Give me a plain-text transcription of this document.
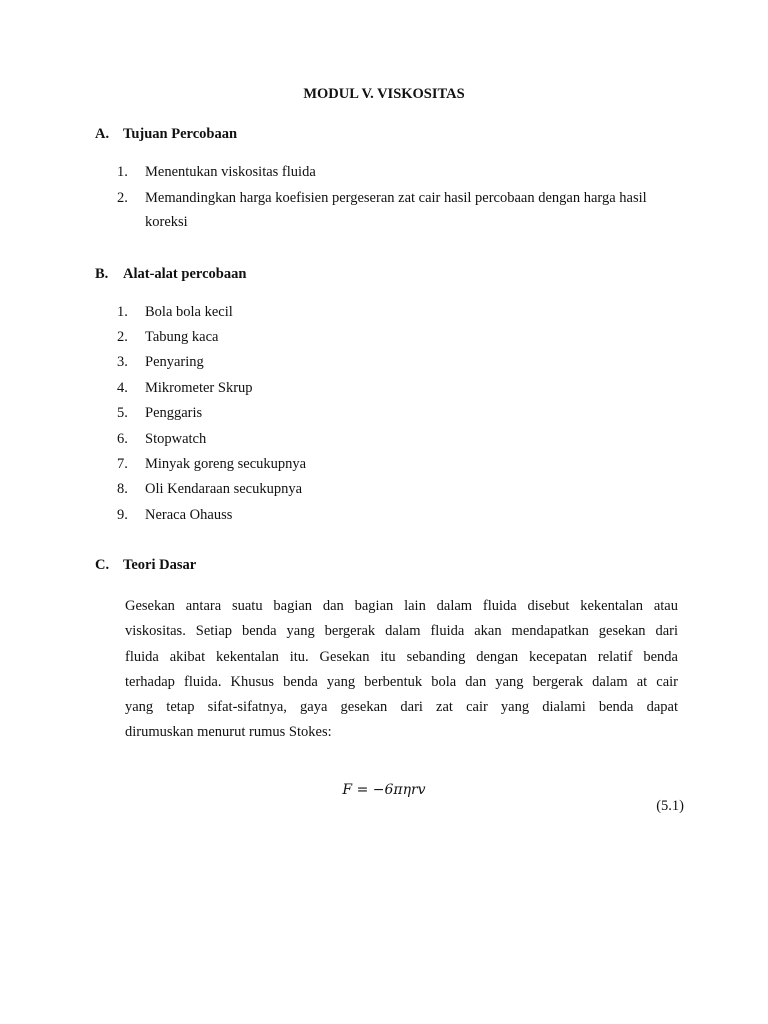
MODUL V. VISKOSITAS
A. Tujuan Percobaan
1. Menentukan viskositas fluida
2. Memandingkan harga koefisien pergeseran zat cair hasil percobaan dengan harga hasil
koreksi
B. Alat-alat percobaan
1. Bola bola kecil
2. Tabung kaca
3. Penyaring
4. Mikrometer Skrup
5. Penggaris
6. Stopwatch
7. Minyak goreng secukupnya
8. Oli Kendaraan secukupnya
9. Neraca Ohauss
C. Teori Dasar
Gesekan antara suatu bagian dan bagian lain dalam fluida disebut kekentalan atau
viskositas. Setiap benda yang bergerak dalam fluida akan mendapatkan gesekan dari
fluida akibat kekentalan itu. Gesekan itu sebanding dengan kecepatan relatif benda
terhadap fluida. Khusus benda yang berbentuk bola dan yang bergerak dalam at cair
yang tetap sifat-sifatnya, gaya gesekan dari zat cair yang dialami benda dapat
dirumuskan menurut rumus Stokes:
F = −6πηrv
(5.1)
